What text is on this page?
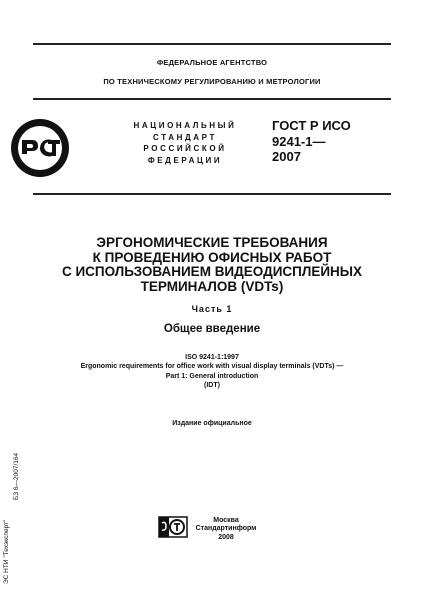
ФЕДЕРАЛЬНОЕ АГЕНТСТВО
ПО ТЕХНИЧЕСКОМУ РЕГУЛИРОВАНИЮ И МЕТРОЛОГИИ
НАЦИОНАЛЬНЫЙ
СТАНДАРТ
РОССИЙСКОЙ
ФЕДЕРАЦИИ
ГОСТ Р ИСО
9241-1—
2007
ЭРГОНОМИЧЕСКИЕ ТРЕБОВАНИЯ
К ПРОВЕДЕНИЮ ОФИСНЫХ РАБОТ
С ИСПОЛЬЗОВАНИЕМ ВИДЕОДИСПЛЕЙНЫХ
ТЕРМИНАЛОВ (VDTs)
Часть 1
Общее введение
ISO 9241-1:1997
Ergonomic requirements for office work with visual display terminals (VDTs) —
Part 1: General introduction
(IDT)
Издание официальное
БЗ 6—2007/164
ЭС НТИ "Техэксперт"	Москва
Стандартинформ
2008
